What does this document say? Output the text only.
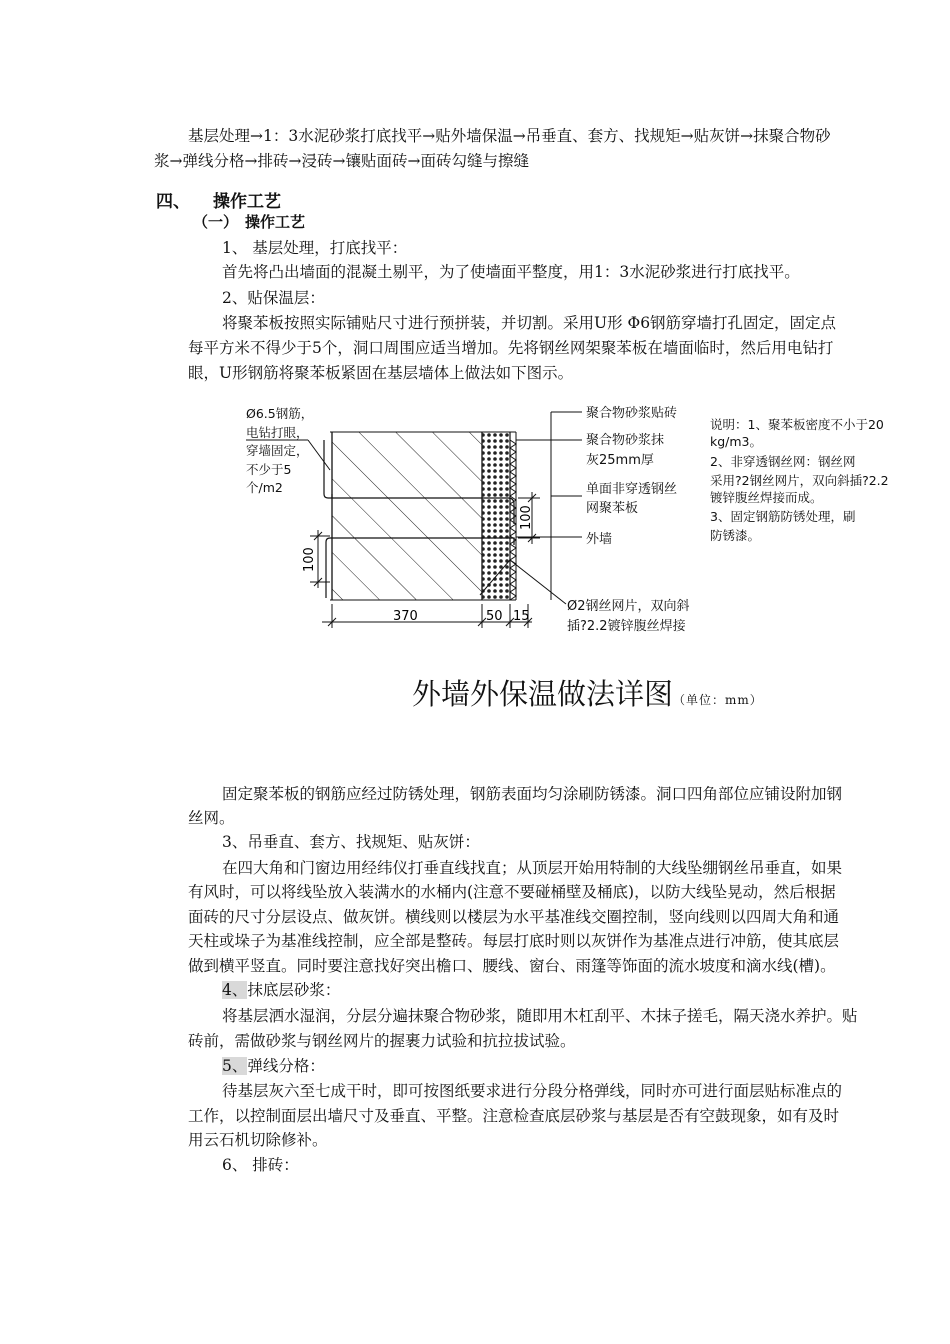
基层处理→1：3水泥砂浆打底找平→贴外墙保温→吊垂直、套方、找规矩→贴灰饼→抹聚合物砂
浆→弹线分格→排砖→浸砖→镶贴面砖→面砖勾缝与擦缝
四、 操作工艺
（一） 操作工艺
1、 基层处理，打底找平：
首先将凸出墙面的混凝土剔平，为了使墙面平整度，用1：3水泥砂浆进行打底找平。
2、贴保温层：
将聚苯板按照实际铺贴尺寸进行预拼装，并切割。采用U形 Φ6钢筋穿墙打孔固定，固定点
每平方米不得少于5个，洞口周围应适当增加。先将钢丝网架聚苯板在墙面临时，然后用电钻打
眼，U形钢筋将聚苯板紧固在基层墙体上做法如下图示。
100
100
370	50 15
Ø6.5钢筋，
电钻打眼，
穿墙固定，
不少于5
个/m2
聚合物砂浆贴砖
聚合物砂浆抹
灰25mm厚
单面非穿透钢丝
网聚苯板
外墙
Ø2钢丝网片，双向斜
插?2.2镀锌腹丝焊接
说明：1、聚苯板密度不小于20
kg/m3。
2、非穿透钢丝网：钢丝网
采用?2钢丝网片，双向斜插?2.2
镀锌腹丝焊接而成。
3、固定钢筋防锈处理，刷
防锈漆。
外墙外保温做法详图（单位：mm）
固定聚苯板的钢筋应经过防锈处理，钢筋表面均匀涂刷防锈漆。洞口四角部位应铺设附加钢
丝网。
3、吊垂直、套方、找规矩、贴灰饼：
在四大角和门窗边用经纬仪打垂直线找直；从顶层开始用特制的大线坠绷钢丝吊垂直，如果
有风时，可以将线坠放入装满水的水桶内(注意不要碰桶壁及桶底)，以防大线坠晃动，然后根据
面砖的尺寸分层设点、做灰饼。横线则以楼层为水平基准线交圈控制，竖向线则以四周大角和通
天柱或垛子为基准线控制，应全部是整砖。每层打底时则以灰饼作为基准点进行冲筋，使其底层
做到横平竖直。同时要注意找好突出檐口、腰线、窗台、雨篷等饰面的流水坡度和滴水线(槽)。
4、抹底层砂浆：
将基层洒水湿润，分层分遍抹聚合物砂浆，随即用木杠刮平、木抹子搓毛，隔天浇水养护。贴
砖前，需做砂浆与钢丝网片的握裹力试验和抗拉拔试验。
5、弹线分格：
待基层灰六至七成干时，即可按图纸要求进行分段分格弹线，同时亦可进行面层贴标准点的
工作，以控制面层出墙尺寸及垂直、平整。注意检查底层砂浆与基层是否有空鼓现象，如有及时
用云石机切除修补。
6、 排砖：
